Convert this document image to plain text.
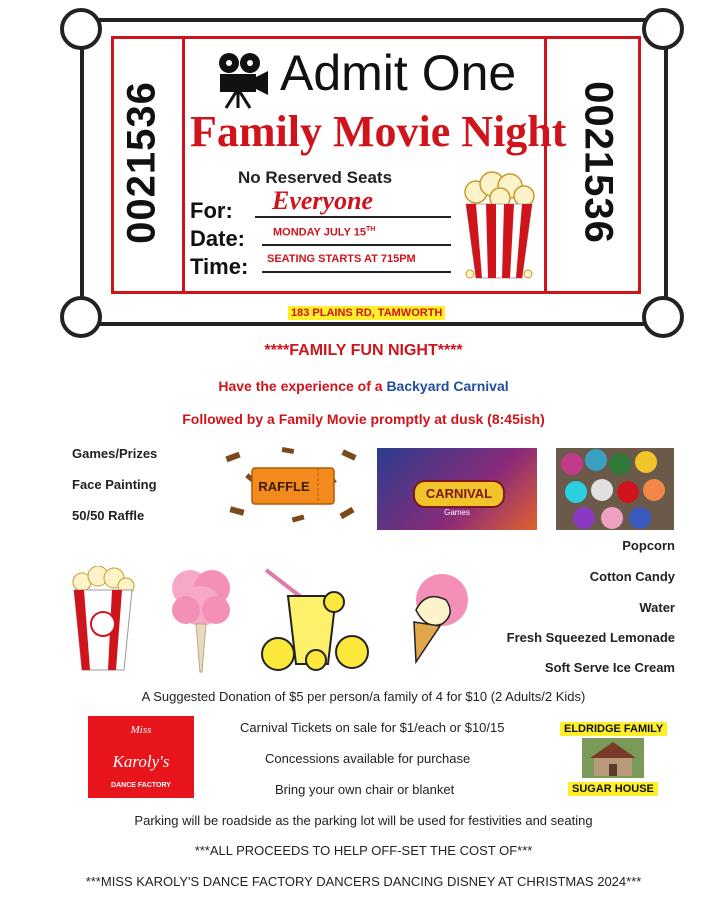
0021536	0021536
Admit One
Family Movie Night
No Reserved Seats
For: Everyone
Date:	MONDAY JULY 15TH
Time: SEATING STARTS AT 715PM
183 PLAINS RD, TAMWORTH
****FAMILY FUN NIGHT****
Have the experience of a Backyard Carnival
Followed by a Family Movie promptly at dusk (8:45ish)
Games/Prizes
Face Painting
50/50 Raffle
RAFFLE	CARNIVAL
Games
Popcorn
Cotton Candy
Water
Fresh Squeezed Lemonade
Soft Serve Ice Cream
A Suggested Donation of $5 per person/a family of 4 for $10 (2 Adults/2 Kids)
Miss
Karoly's
DANCE FACTORY
Carnival Tickets on sale for $1/each or $10/15
Concessions available for purchase
Bring your own chair or blanket
ELDRIDGE FAMILY
SUGAR HOUSE
Parking will be roadside as the parking lot will be used for festivities and seating
***ALL PROCEEDS TO HELP OFF-SET THE COST OF***
***MISS KAROLY'S DANCE FACTORY DANCERS DANCING DISNEY AT CHRISTMAS 2024***
